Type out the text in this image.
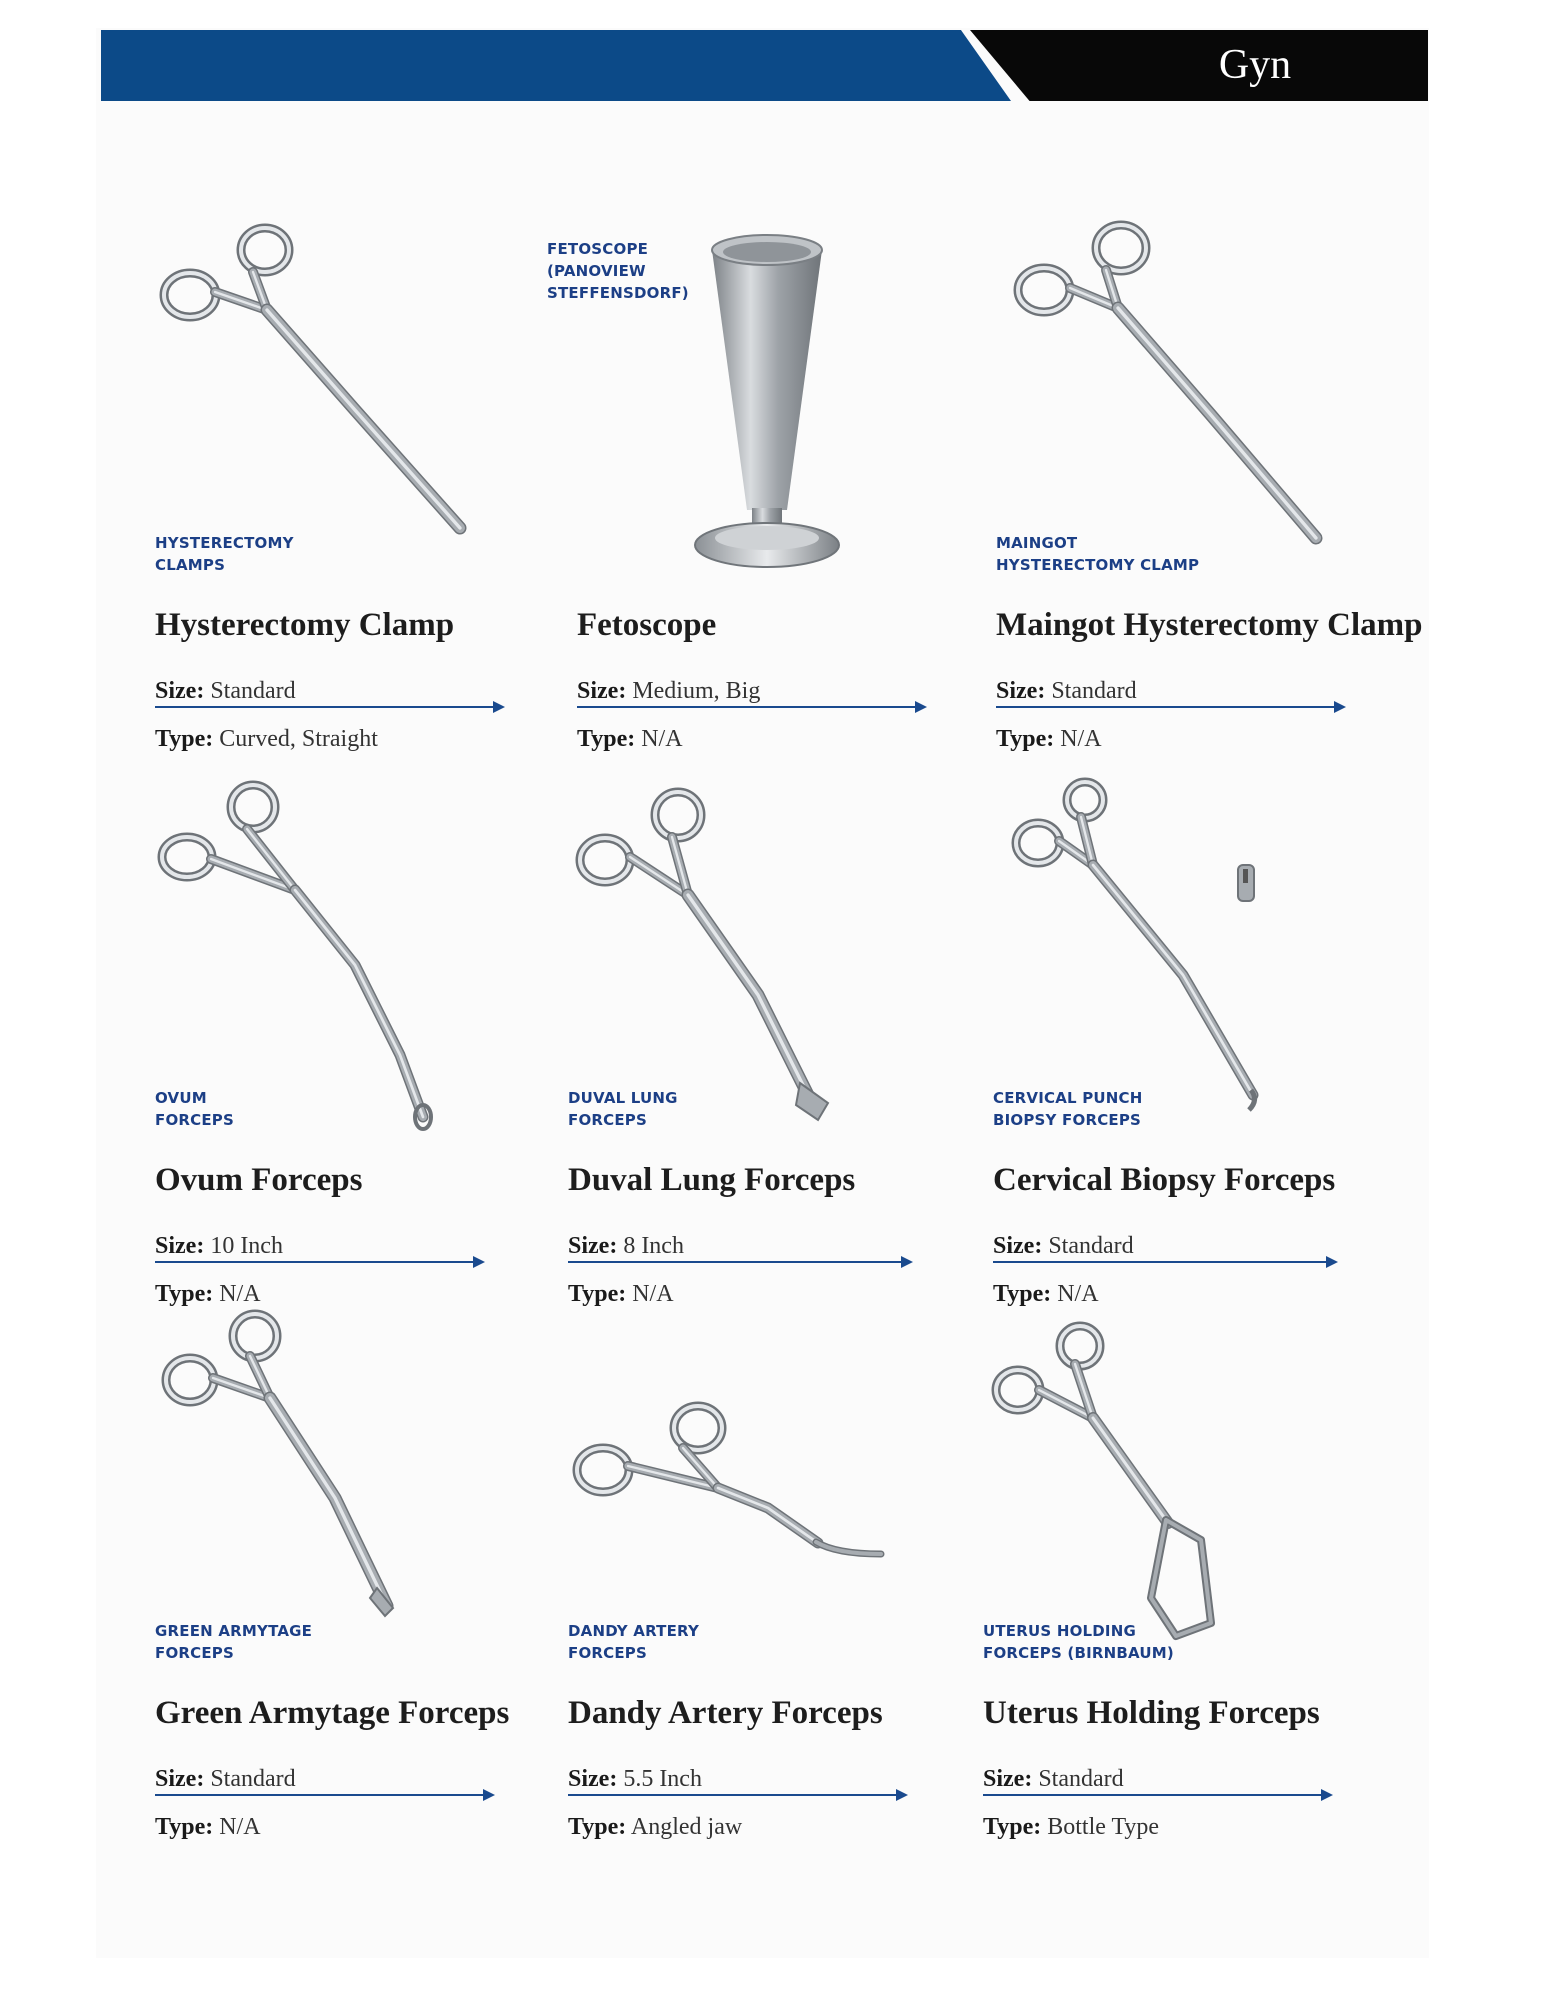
Gyn
HYSTERECTOMY
CLAMPS
Hysterectomy Clamp
Size: Standard
Type: Curved, Straight
FETOSCOPE
(PANOVIEW
STEFFENSDORF)
Fetoscope
Size: Medium, Big
Type: N/A
MAINGOT
HYSTERECTOMY CLAMP
Maingot Hysterectomy Clamp
Size: Standard
Type: N/A
OVUM
FORCEPS
Ovum Forceps
Size: 10 Inch
Type: N/A
DUVAL LUNG
FORCEPS
Duval Lung Forceps
Size: 8 Inch
Type: N/A
CERVICAL PUNCH
BIOPSY FORCEPS
Cervical Biopsy Forceps
Size: Standard
Type: N/A
GREEN ARMYTAGE
FORCEPS
Green Armytage Forceps
Size: Standard
Type: N/A
DANDY ARTERY
FORCEPS
Dandy Artery Forceps
Size: 5.5 Inch
Type: Angled jaw
UTERUS HOLDING
FORCEPS (BIRNBAUM)
Uterus Holding Forceps
Size: Standard
Type: Bottle Type
